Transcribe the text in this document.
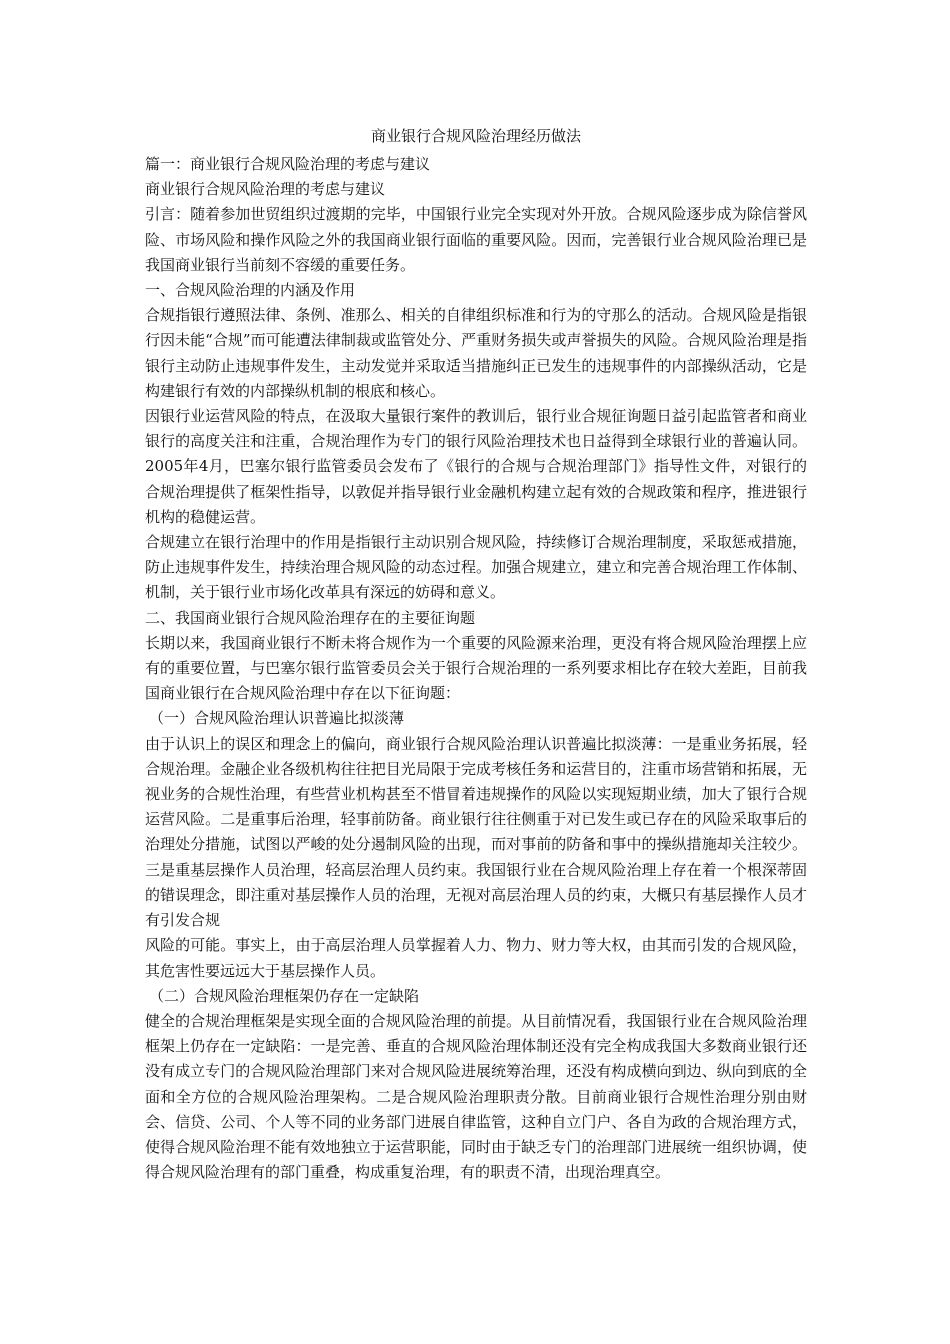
商业银行合规风险治理经历做法

篇一：商业银行合规风险治理的考虑与建议

商业银行合规风险治理的考虑与建议

引言：随着参加世贸组织过渡期的完毕，中国银行业完全实现对外开放。合规风险逐步成为除信誉风险、市场风险和操作风险之外的我国商业银行面临的重要风险。因而，完善银行业合规风险治理已是我国商业银行当前刻不容缓的重要任务。

一、合规风险治理的内涵及作用

合规指银行遵照法律、条例、准那么、相关的自律组织标准和行为的守那么的活动。合规风险是指银行因未能“合规”而可能遭法律制裁或监管处分、严重财务损失或声誉损失的风险。合规风险治理是指银行主动防止违规事件发生，主动发觉并采取适当措施纠正已发生的违规事件的内部操纵活动，它是构建银行有效的内部操纵机制的根底和核心。

因银行业运营风险的特点，在汲取大量银行案件的教训后，银行业合规征询题日益引起监管者和商业银行的高度关注和注重，合规治理作为专门的银行风险治理技术也日益得到全球银行业的普遍认同。2005年4月，巴塞尔银行监管委员会发布了《银行的合规与合规治理部门》指导性文件，对银行的合规治理提供了框架性指导，以敦促并指导银行业金融机构建立起有效的合规政策和程序，推进银行机构的稳健运营。

合规建立在银行治理中的作用是指银行主动识别合规风险，持续修订合规治理制度，采取惩戒措施，防止违规事件发生，持续治理合规风险的动态过程。加强合规建立，建立和完善合规治理工作体制、机制，关于银行业市场化改革具有深远的妨碍和意义。

二、我国商业银行合规风险治理存在的主要征询题

长期以来，我国商业银行不断未将合规作为一个重要的风险源来治理，更没有将合规风险治理摆上应有的重要位置，与巴塞尔银行监管委员会关于银行合规治理的一系列要求相比存在较大差距，目前我国商业银行在合规风险治理中存在以下征询题：

（一）合规风险治理认识普遍比拟淡薄

由于认识上的误区和理念上的偏向，商业银行合规风险治理认识普遍比拟淡薄：一是重业务拓展，轻合规治理。金融企业各级机构往往把目光局限于完成考核任务和运营目的，注重市场营销和拓展，无视业务的合规性治理，有些营业机构甚至不惜冒着违规操作的风险以实现短期业绩，加大了银行合规运营风险。二是重事后治理，轻事前防备。商业银行往往侧重于对已发生或已存在的风险采取事后的治理处分措施，试图以严峻的处分遏制风险的出现，而对事前的防备和事中的操纵措施却关注较少。三是重基层操作人员治理，轻高层治理人员约束。我国银行业在合规风险治理上存在着一个根深蒂固的错误理念，即注重对基层操作人员的治理，无视对高层治理人员的约束，大概只有基层操作人员才有引发合规

风险的可能。事实上，由于高层治理人员掌握着人力、物力、财力等大权，由其而引发的合规风险，其危害性要远远大于基层操作人员。

（二）合规风险治理框架仍存在一定缺陷

健全的合规治理框架是实现全面的合规风险治理的前提。从目前情况看，我国银行业在合规风险治理框架上仍存在一定缺陷：一是完善、垂直的合规风险治理体制还没有完全构成我国大多数商业银行还没有成立专门的合规风险治理部门来对合规风险进展统筹治理，还没有构成横向到边、纵向到底的全面和全方位的合规风险治理架构。二是合规风险治理职责分散。目前商业银行合规性治理分别由财会、信贷、公司、个人等不同的业务部门进展自律监管，这种自立门户、各自为政的合规治理方式，使得合规风险治理不能有效地独立于运营职能，同时由于缺乏专门的治理部门进展统一组织协调，使得合规风险治理有的部门重叠，构成重复治理，有的职责不清，出现治理真空。
